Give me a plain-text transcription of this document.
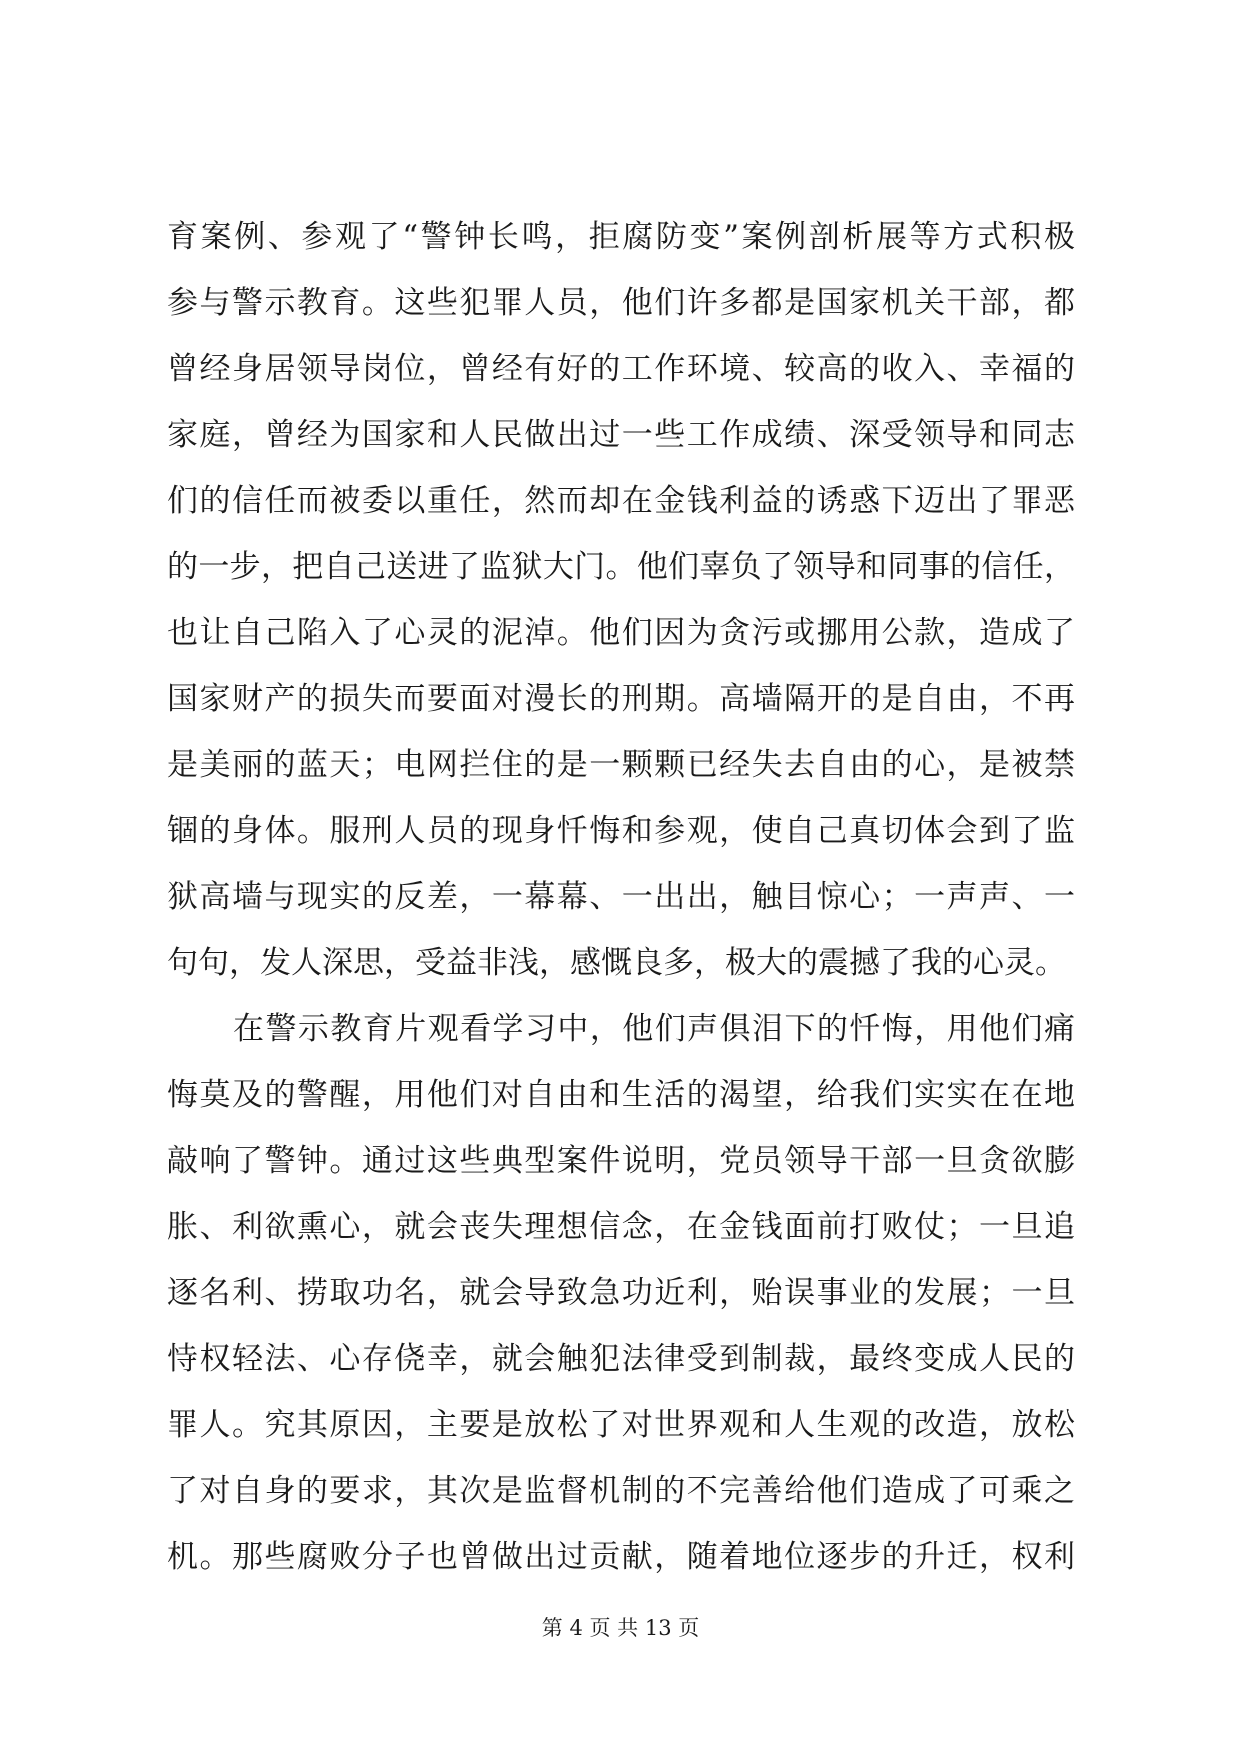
育案例、参观了“警钟长鸣，拒腐防变”案例剖析展等方式积极
参与警示教育。这些犯罪人员，他们许多都是国家机关干部，都
曾经身居领导岗位，曾经有好的工作环境、较高的收入、幸福的
家庭，曾经为国家和人民做出过一些工作成绩、深受领导和同志
们的信任而被委以重任，然而却在金钱利益的诱惑下迈出了罪恶
的一步，把自己送进了监狱大门。他们辜负了领导和同事的信任，
也让自己陷入了心灵的泥淖。他们因为贪污或挪用公款，造成了
国家财产的损失而要面对漫长的刑期。高墙隔开的是自由，不再
是美丽的蓝天；电网拦住的是一颗颗已经失去自由的心，是被禁
锢的身体。服刑人员的现身忏悔和参观，使自己真切体会到了监
狱高墙与现实的反差，一幕幕、一出出，触目惊心；一声声、一
句句，发人深思，受益非浅，感慨良多，极大的震撼了我的心灵。
在警示教育片观看学习中，他们声俱泪下的忏悔，用他们痛
悔莫及的警醒，用他们对自由和生活的渴望，给我们实实在在地
敲响了警钟。通过这些典型案件说明，党员领导干部一旦贪欲膨
胀、利欲熏心，就会丧失理想信念，在金钱面前打败仗；一旦追
逐名利、捞取功名，就会导致急功近利，贻误事业的发展；一旦
恃权轻法、心存侥幸，就会触犯法律受到制裁，最终变成人民的
罪人。究其原因，主要是放松了对世界观和人生观的改造，放松
了对自身的要求，其次是监督机制的不完善给他们造成了可乘之
机。那些腐败分子也曾做出过贡献，随着地位逐步的升迁，权利
第 4 页 共 13 页
